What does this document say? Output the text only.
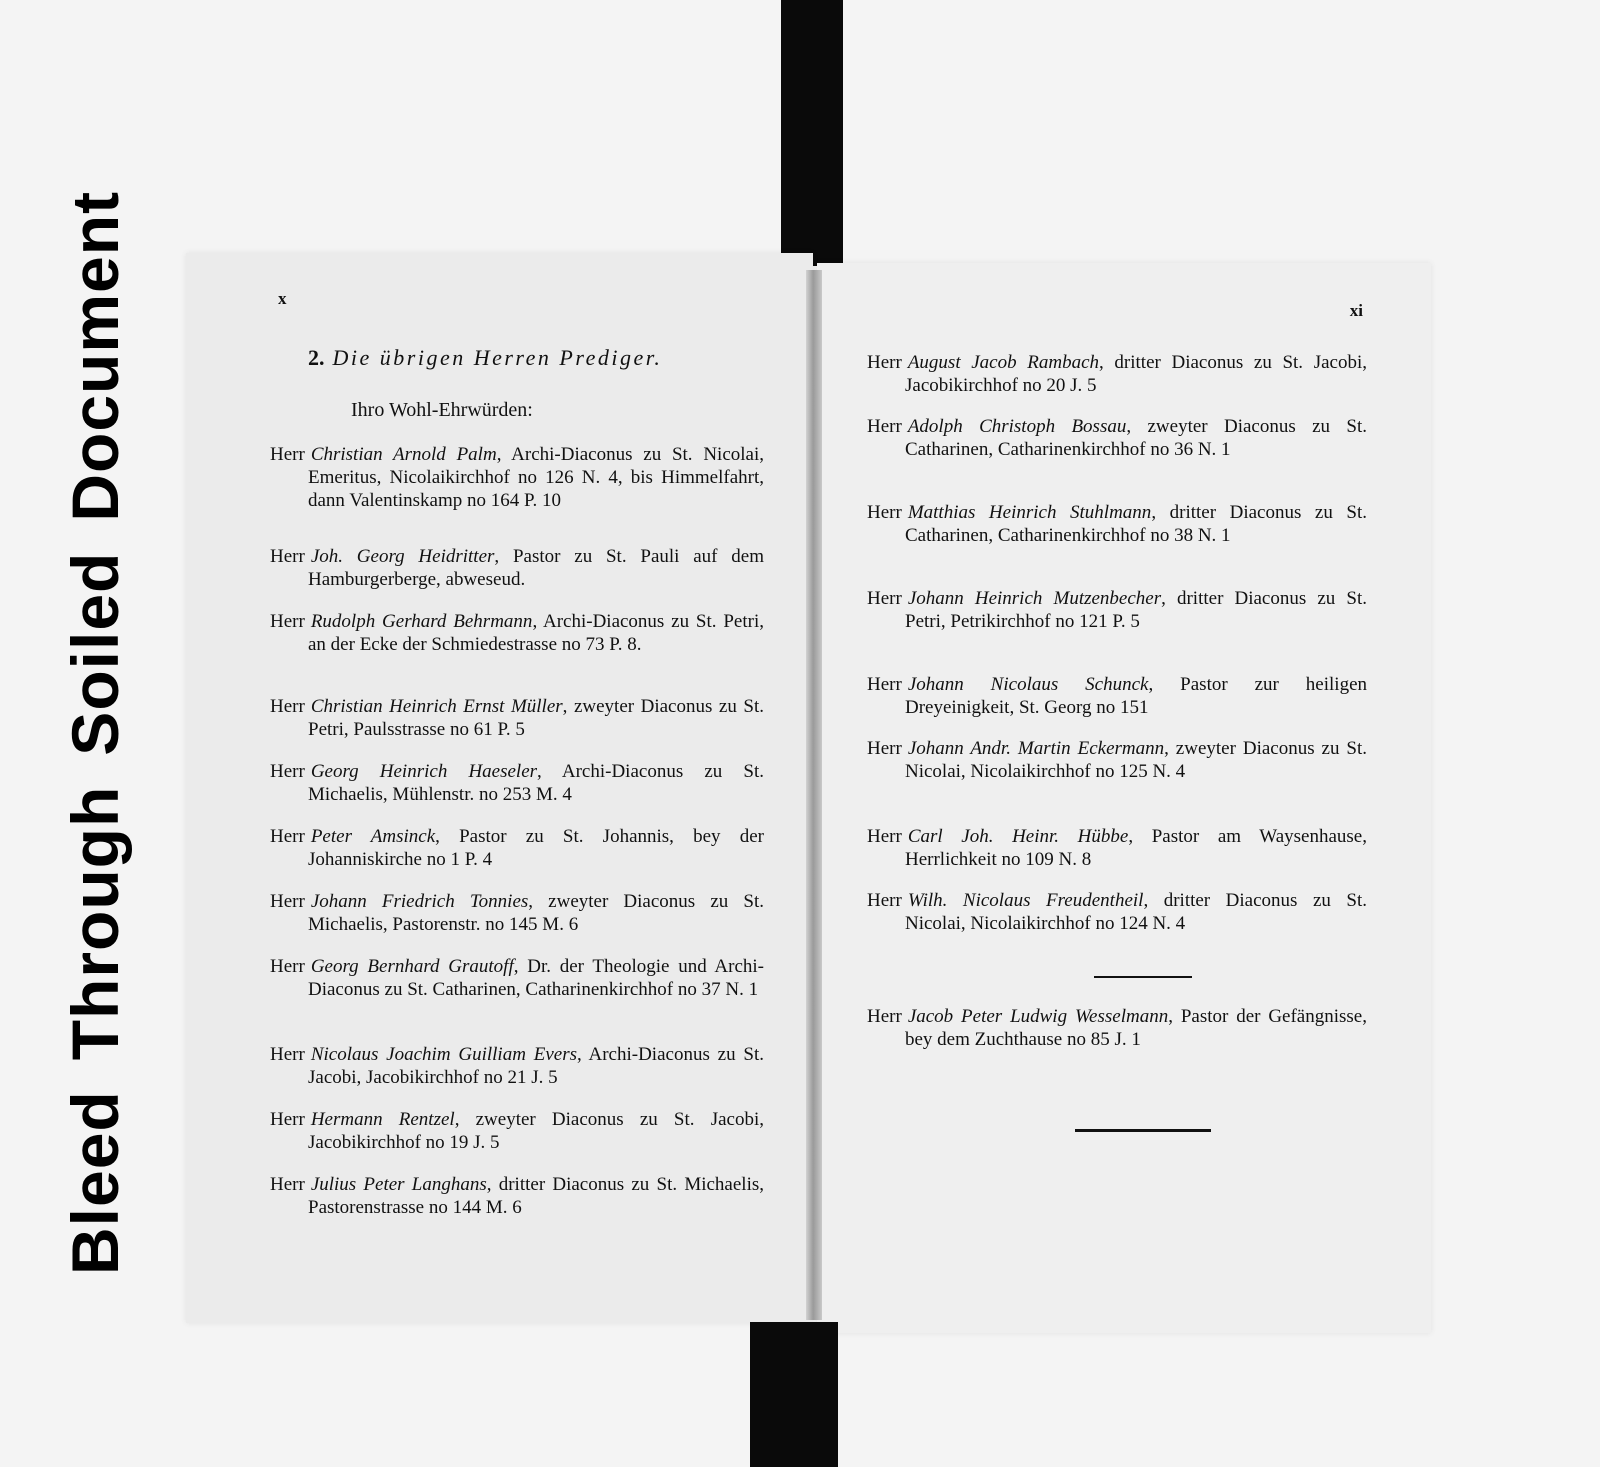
BleedThroughSoiledDocument	x
2. Die übrigen Herren Prediger.
Ihro Wohl-Ehrwürden:
Herr Christian Arnold Palm, Archi-Diaconus zu St. Nicolai, Emeritus, Nicolaikirchhof no 126 N. 4, bis Himmelfahrt, dann Valentinskamp no 164 P. 10
Herr Joh. Georg Heidritter, Pastor zu St. Pauli auf dem Hamburgerberge, abweseud.
Herr Rudolph Gerhard Behrmann, Archi-Diaconus zu St. Petri, an der Ecke der Schmiedestrasse no 73 P. 8.
Herr Christian Heinrich Ernst Müller, zweyter Diaconus zu St. Petri, Paulsstrasse no 61 P. 5
Herr Georg Heinrich Haeseler, Archi-Diaconus zu St. Michaelis, Mühlenstr. no 253 M. 4
Herr Peter Amsinck, Pastor zu St. Johannis, bey der Johanniskirche no 1 P. 4
Herr Johann Friedrich Tonnies, zweyter Diaconus zu St. Michaelis, Pastorenstr. no 145 M. 6
Herr Georg Bernhard Grautoff, Dr. der Theologie und Archi-Diaconus zu St. Catharinen, Catharinenkirchhof no 37 N. 1
Herr Nicolaus Joachim Guilliam Evers, Archi-Diaconus zu St. Jacobi, Jacobikirchhof no 21 J. 5
Herr Hermann Rentzel, zweyter Diaconus zu St. Jacobi, Jacobikirchhof no 19 J. 5
Herr Julius Peter Langhans, dritter Diaconus zu St. Michaelis, Pastorenstrasse no 144 M. 6
xi
Herr August Jacob Rambach, dritter Diaconus zu St. Jacobi, Jacobikirchhof no 20 J. 5
Herr Adolph Christoph Bossau, zweyter Diaconus zu St. Catharinen, Catharinenkirchhof no 36 N. 1
Herr Matthias Heinrich Stuhlmann, dritter Diaconus zu St. Catharinen, Catharinenkirchhof no 38 N. 1
Herr Johann Heinrich Mutzenbecher, dritter Diaconus zu St. Petri, Petrikirchhof no 121 P. 5
Herr Johann Nicolaus Schunck, Pastor zur heiligen Dreyeinigkeit, St. Georg no 151
Herr Johann Andr. Martin Eckermann, zweyter Diaconus zu St. Nicolai, Nicolaikirchhof no 125 N. 4
Herr Carl Joh. Heinr. Hübbe, Pastor am Waysenhause, Herrlichkeit no 109 N. 8
Herr Wilh. Nicolaus Freudentheil, dritter Diaconus zu St. Nicolai, Nicolaikirchhof no 124 N. 4
Herr Jacob Peter Ludwig Wesselmann, Pastor der Gefängnisse, bey dem Zuchthause no 85 J. 1
